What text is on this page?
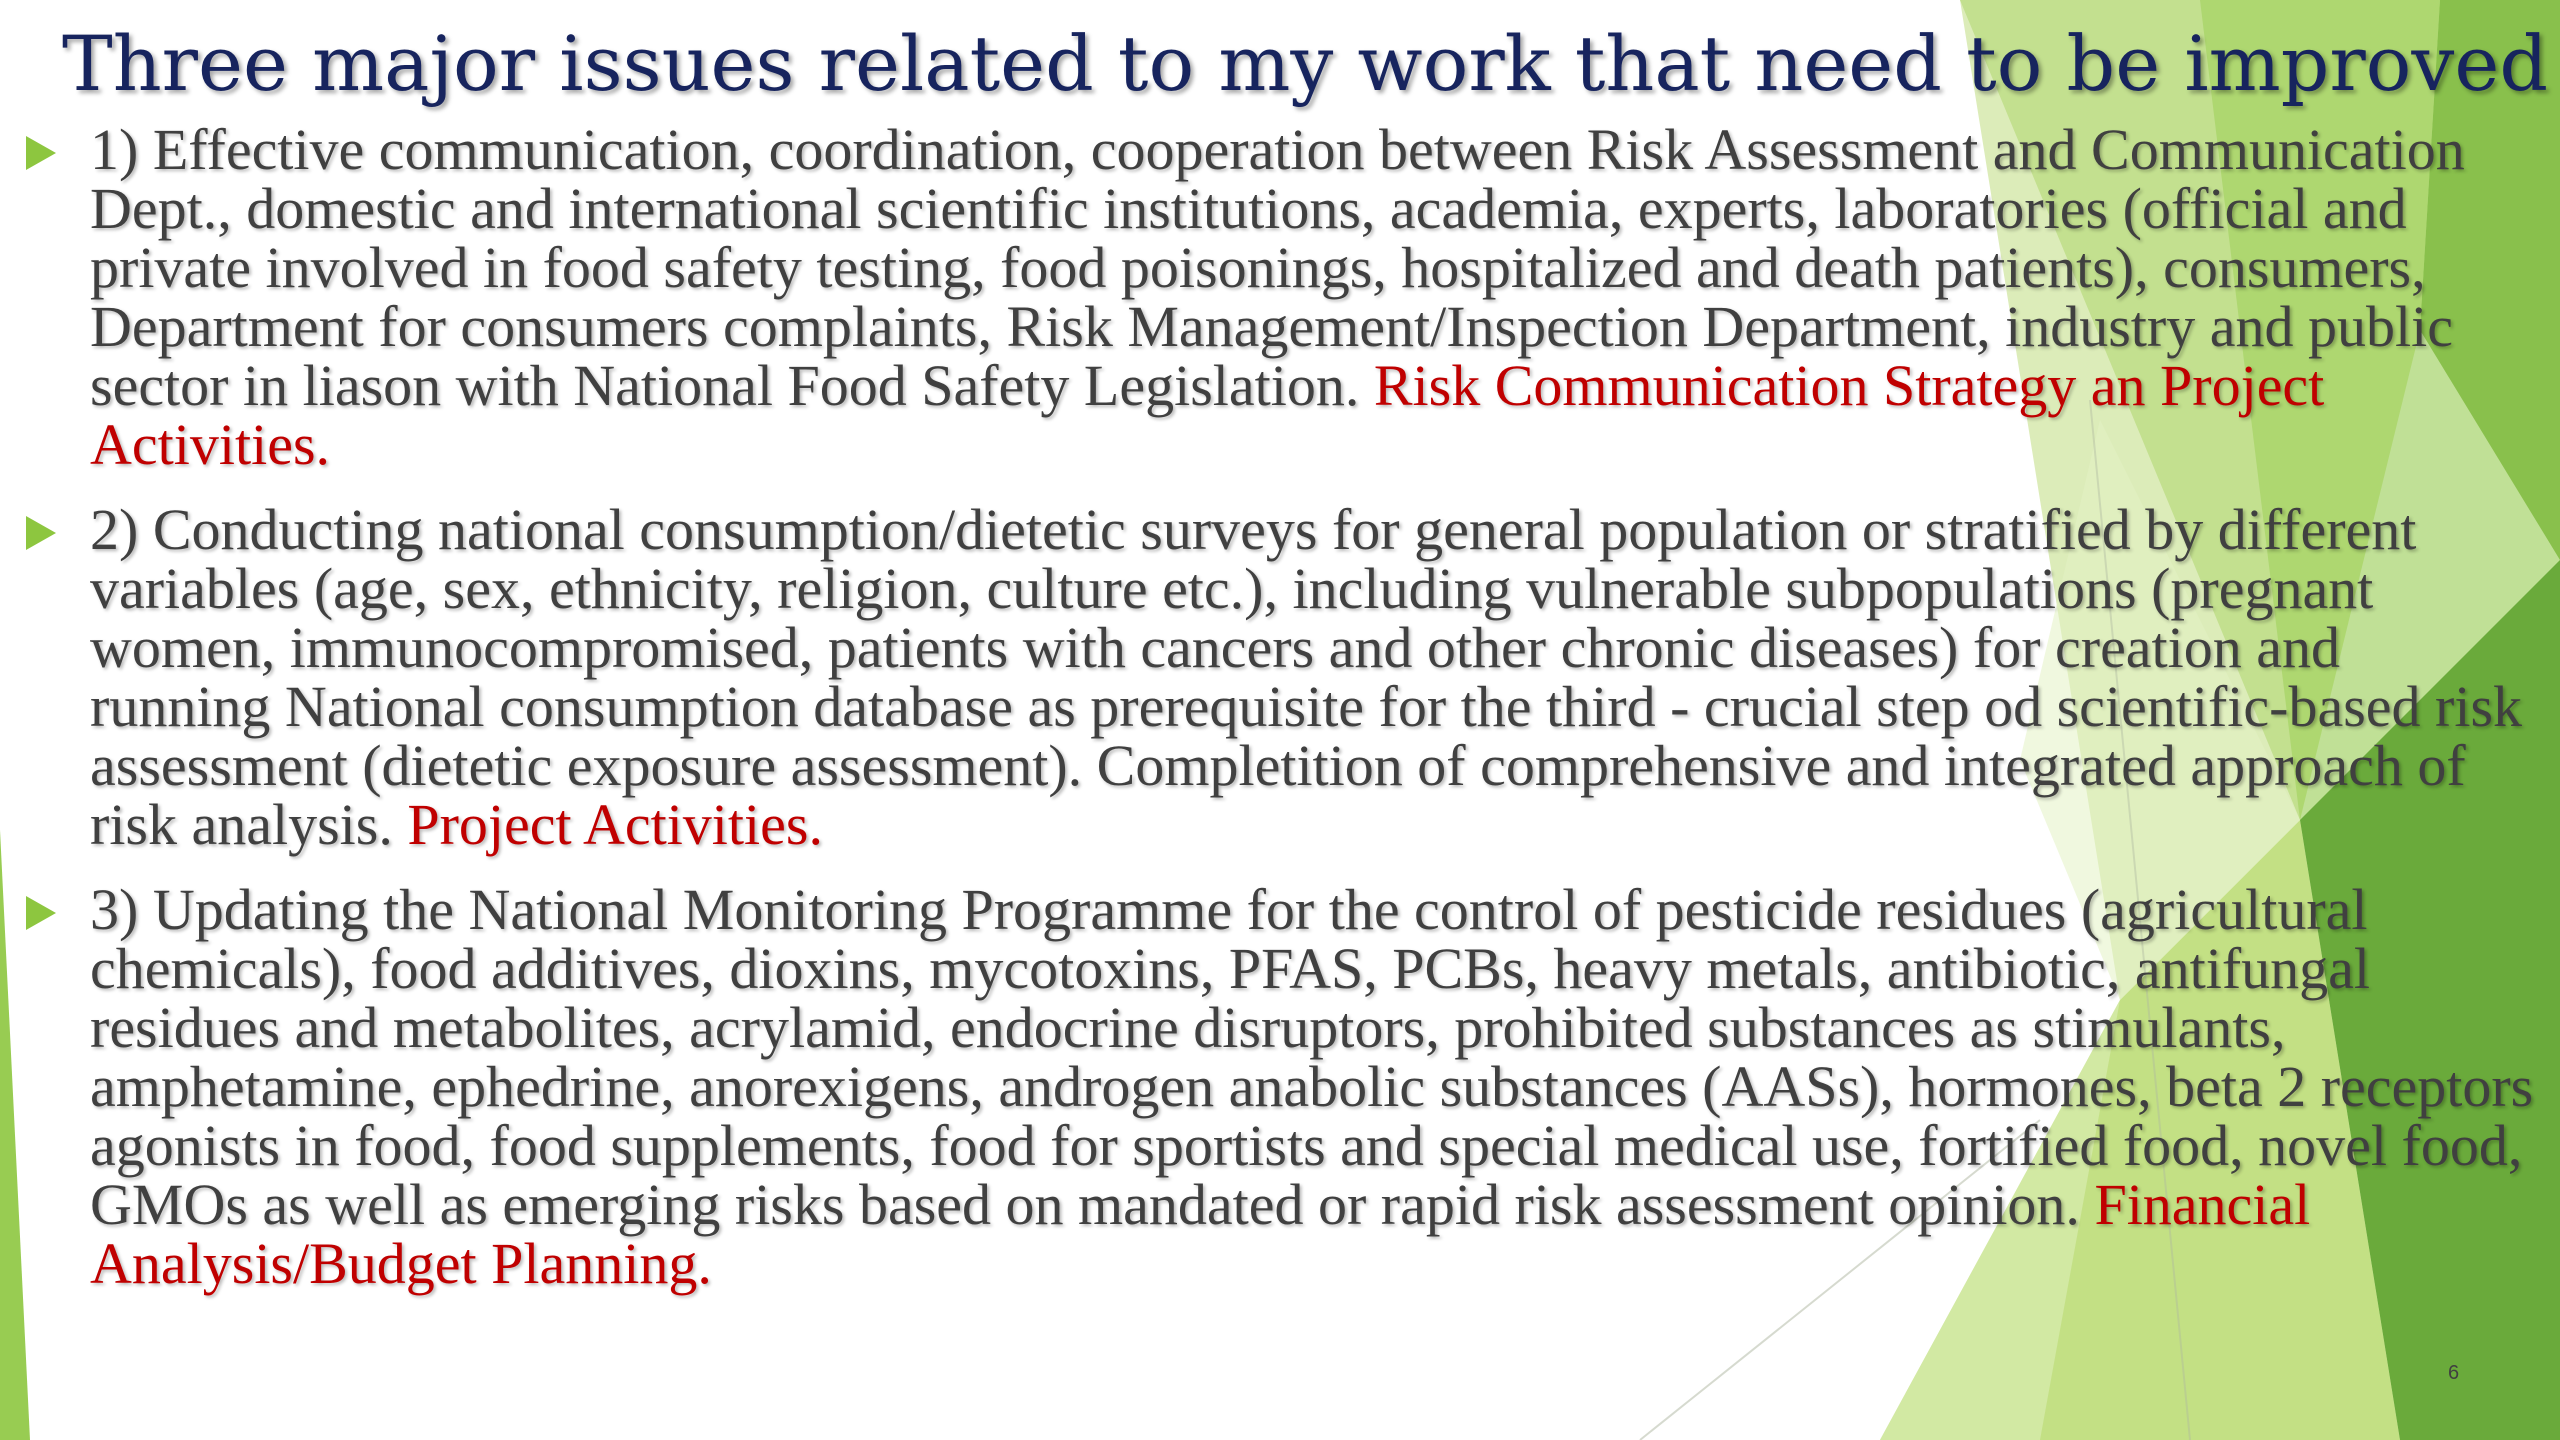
Three major issues related to my work that need to be improved

1) Effective communication, coordination, cooperation between Risk Assessment and Communication Dept., domestic and international scientific institutions, academia, experts, laboratories (official and private involved in food safety testing, food poisonings, hospitalized and death patients), consumers, Department for consumers complaints, Risk Management/Inspection Department, industry and public sector in liason with National Food Safety Legislation. Risk Communication Strategy an Project Activities.

2) Conducting national consumption/dietetic surveys for general population or stratified by different variables (age, sex, ethnicity, religion, culture etc.), including vulnerable subpopulations (pregnant women, immunocompromised, patients with cancers and other chronic diseases) for creation and running National consumption database as prerequisite for the third - crucial step od scientific-based risk assessment (dietetic exposure assessment). Completition of comprehensive and integrated approach of risk analysis. Project Activities.

3) Updating the National Monitoring Programme for the control of pesticide residues (agricultural chemicals), food additives, dioxins, mycotoxins, PFAS, PCBs, heavy metals, antibiotic, antifungal residues and metabolites, acrylamid, endocrine disruptors, prohibited substances as stimulants, amphetamine, ephedrine, anorexigens, androgen anabolic substances (AASs), hormones, beta 2 receptors agonists in food, food supplements, food for sportists and special medical use, fortified food, novel food, GMOs as well as emerging risks based on mandated or rapid risk assessment opinion. Financial Analysis/Budget Planning.

6
